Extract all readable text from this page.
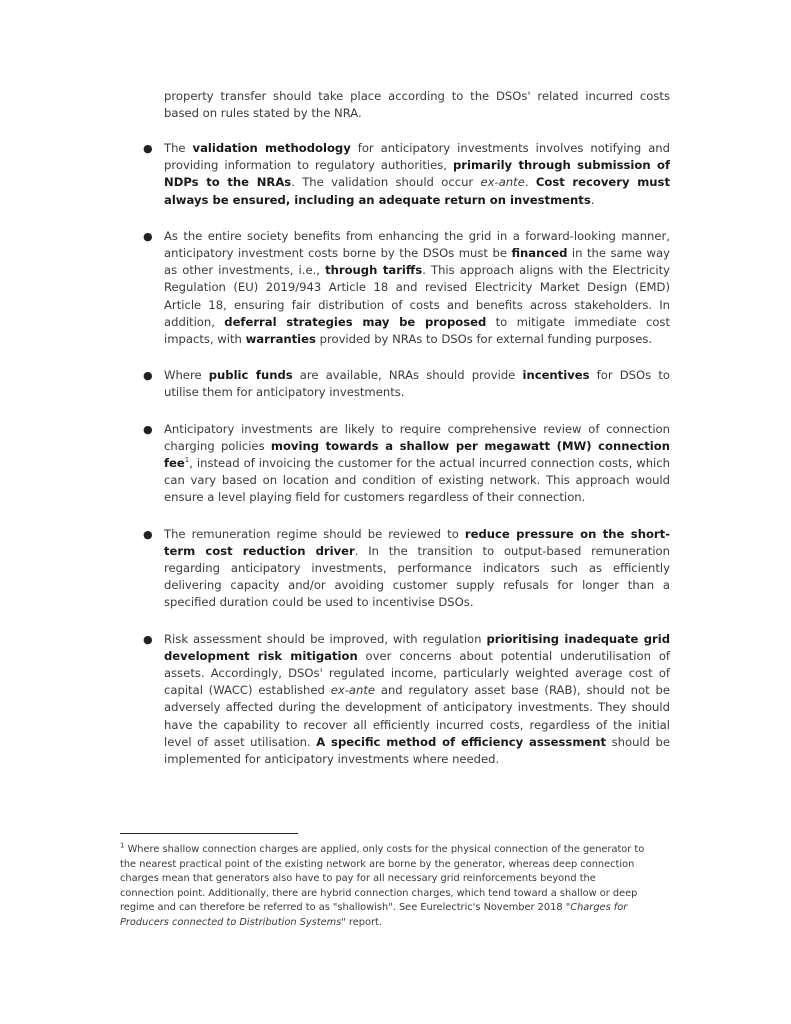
property transfer should take place according to the DSOs' related incurred costs based on rules stated by the NRA.

● The validation methodology for anticipatory investments involves notifying and providing information to regulatory authorities, primarily through submission of NDPs to the NRAs. The validation should occur ex-ante. Cost recovery must always be ensured, including an adequate return on investments.
● As the entire society benefits from enhancing the grid in a forward-looking manner, anticipatory investment costs borne by the DSOs must be financed in the same way as other investments, i.e., through tariffs. This approach aligns with the Electricity Regulation (EU) 2019/943 Article 18 and revised Electricity Market Design (EMD) Article 18, ensuring fair distribution of costs and benefits across stakeholders. In addition, deferral strategies may be proposed to mitigate immediate cost impacts, with warranties provided by NRAs to DSOs for external funding purposes.
● Where public funds are available, NRAs should provide incentives for DSOs to utilise them for anticipatory investments.
● Anticipatory investments are likely to require comprehensive review of connection charging policies moving towards a shallow per megawatt (MW) connection fee$^1$, instead of invoicing the customer for the actual incurred connection costs, which can vary based on location and condition of existing network. This approach would ensure a level playing field for customers regardless of their connection.
● The remuneration regime should be reviewed to reduce pressure on the short-term cost reduction driver. In the transition to output-based remuneration regarding anticipatory investments, performance indicators such as efficiently delivering capacity and/or avoiding customer supply refusals for longer than a specified duration could be used to incentivise DSOs.
● Risk assessment should be improved, with regulation prioritising inadequate grid development risk mitigation over concerns about potential underutilisation of assets. Accordingly, DSOs' regulated income, particularly weighted average cost of capital (WACC) established ex-ante and regulatory asset base (RAB), should not be adversely affected during the development of anticipatory investments. They should have the capability to recover all efficiently incurred costs, regardless of the initial level of asset utilisation. A specific method of efficiency assessment should be implemented for anticipatory investments where needed.

$^1$ Where shallow connection charges are applied, only costs for the physical connection of the generator to the nearest practical point of the existing network are borne by the generator, whereas deep connection charges mean that generators also have to pay for all necessary grid reinforcements beyond the connection point. Additionally, there are hybrid connection charges, which tend toward a shallow or deep regime and can therefore be referred to as "shallowish". See Eurelectric's November 2018 "Charges for Producers connected to Distribution Systems" report.
